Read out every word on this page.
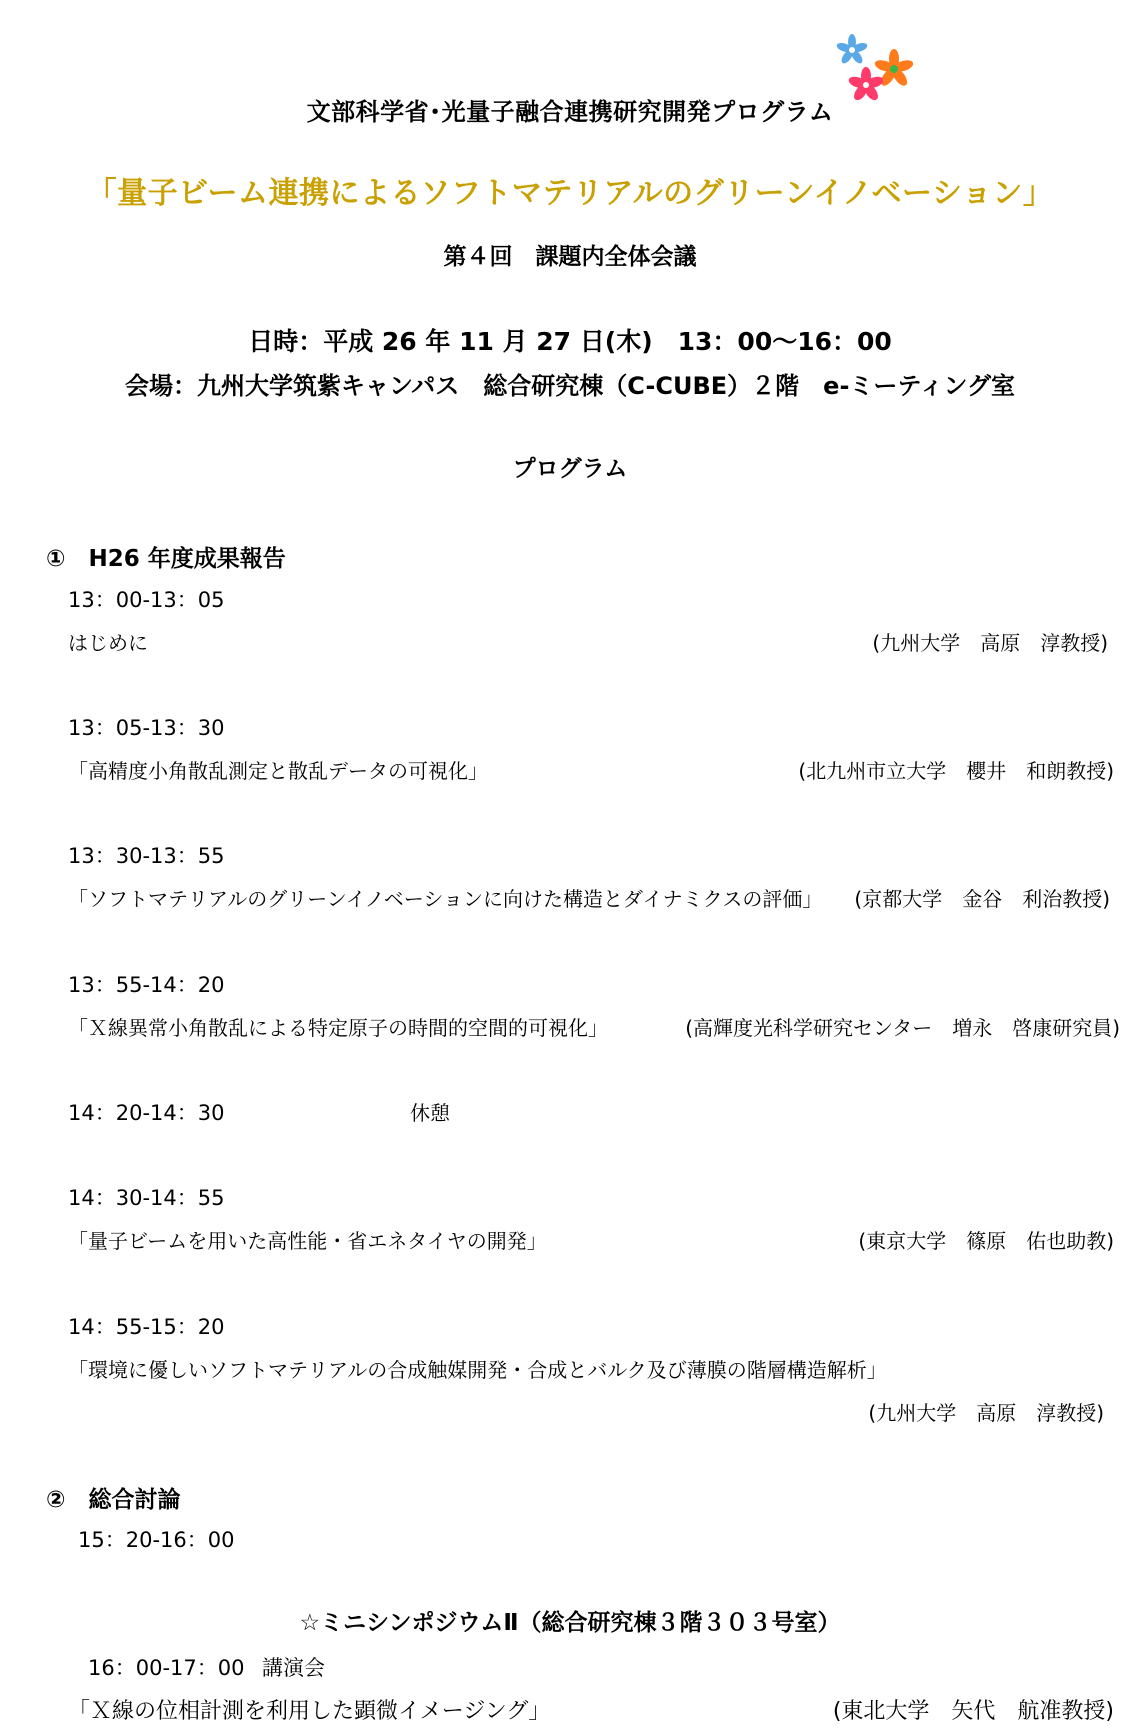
文部科学省･光量子融合連携研究開発プログラム
「量子ビーム連携によるソフトマテリアルのグリーンイノベーション」
第４回　課題内全体会議
日時：平成 26 年 11 月 27 日(木)　13：00～16：00
会場：九州大学筑紫キャンパス　総合研究棟（C-CUBE）２階　e-ミーティング室
プログラム
①　H26 年度成果報告
13：00-13：05
はじめに	(九州大学　高原　淳教授)
13：05-13：30
「高精度小角散乱測定と散乱データの可視化」	(北九州市立大学　櫻井　和朗教授)
13：30-13：55
「ソフトマテリアルのグリーンイノベーションに向けた構造とダイナミクスの評価」 (京都大学　金谷　利治教授)
13：55-14：20
「Ｘ線異常小角散乱による特定原子の時間的空間的可視化」	(高輝度光科学研究センター　増永　啓康研究員)
14：20-14：30	休憩
14：30-14：55
「量子ビームを用いた高性能・省エネタイヤの開発」	(東京大学　篠原　佑也助教)
14：55-15：20
「環境に優しいソフトマテリアルの合成触媒開発・合成とバルク及び薄膜の階層構造解析」
(九州大学　高原　淳教授)
②　総合討論
15：20-16：00
☆ミニシンポジウムⅡ（総合研究棟３階３０３号室）
16：00-17：00 講演会
「Ｘ線の位相計測を利用した顕微イメージング」	(東北大学　矢代　航准教授)
